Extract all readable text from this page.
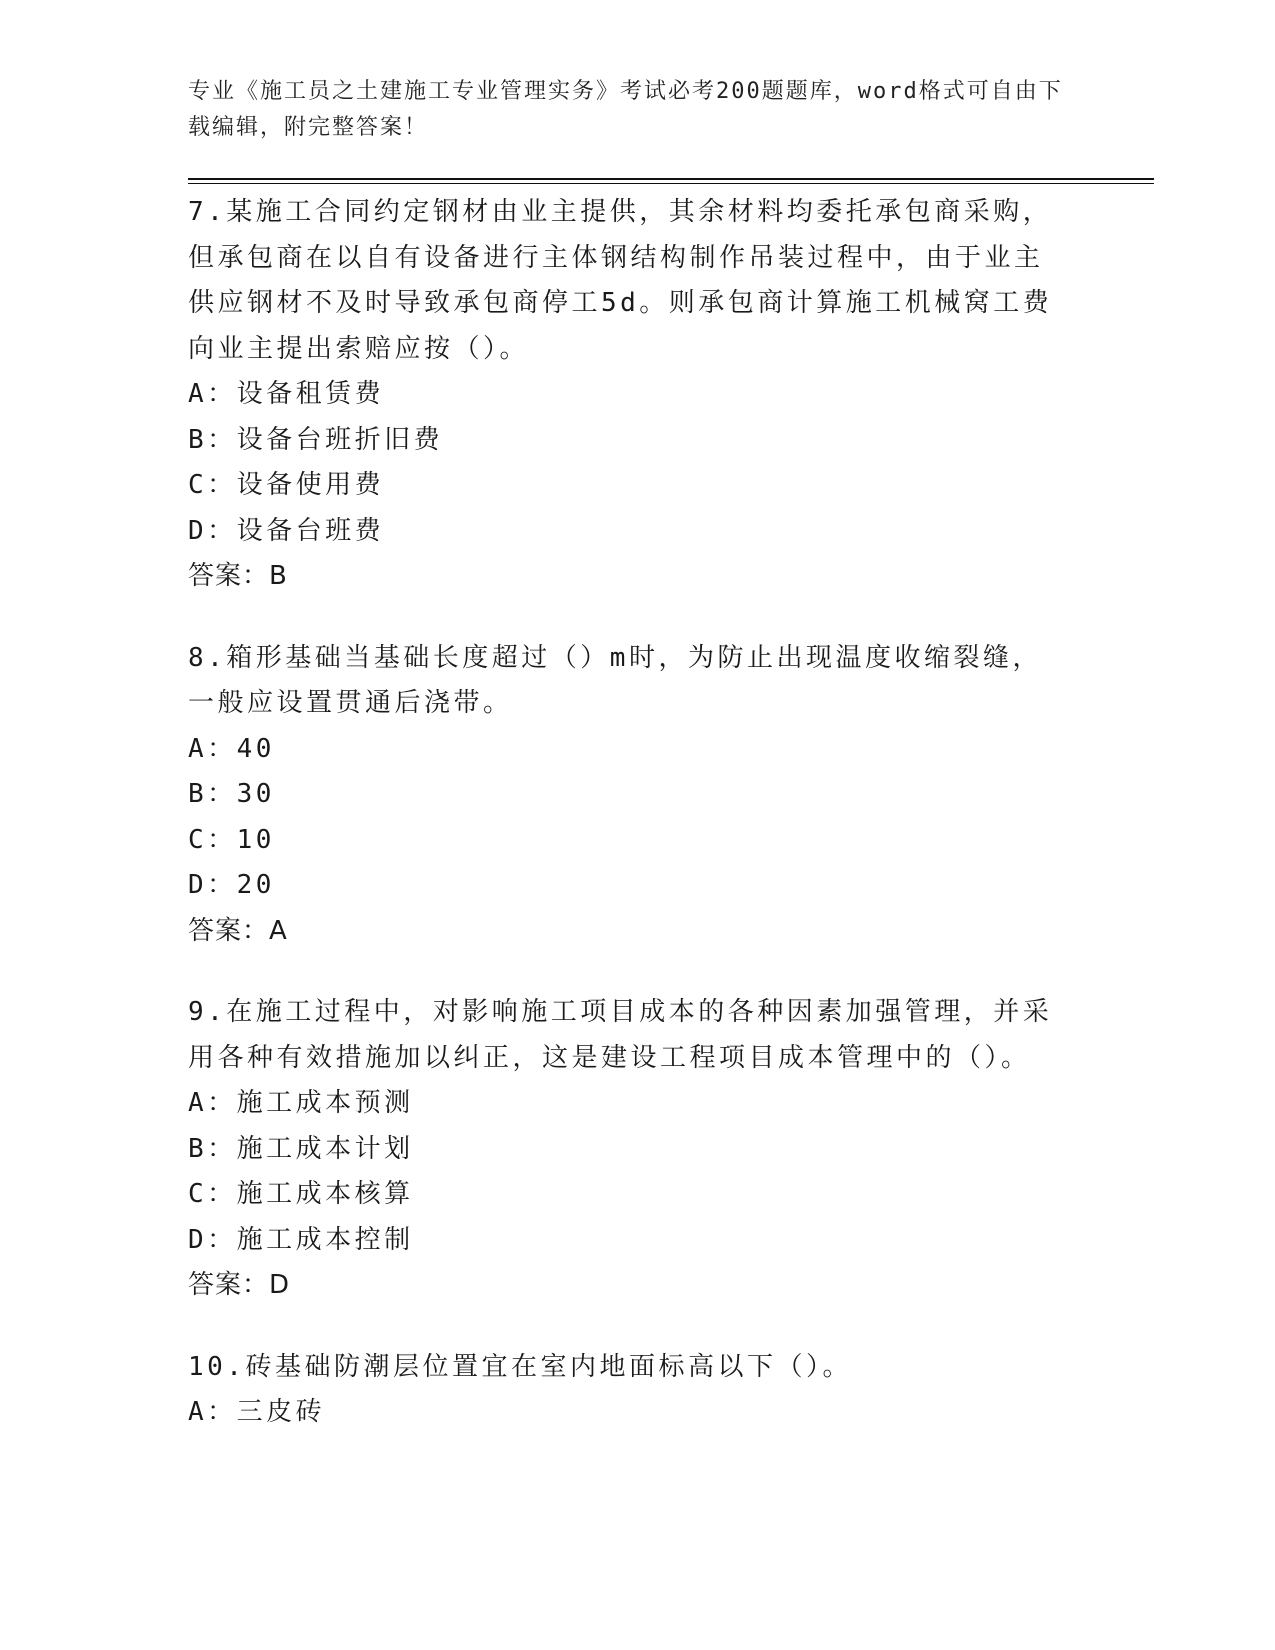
专业《施工员之土建施工专业管理实务》考试必考200题题库，word格式可自由下载编辑，附完整答案！
7.某施工合同约定钢材由业主提供，其余材料均委托承包商采购，但承包商在以自有设备进行主体钢结构制作吊装过程中，由于业主供应钢材不及时导致承包商停工5d。则承包商计算施工机械窝工费向业主提出索赔应按（）。
A：设备租赁费
B：设备台班折旧费
C：设备使用费
D：设备台班费
答案：B
8.箱形基础当基础长度超过（）m时，为防止出现温度收缩裂缝，一般应设置贯通后浇带。
A：40
B：30
C：10
D：20
答案：A
9.在施工过程中，对影响施工项目成本的各种因素加强管理，并采用各种有效措施加以纠正，这是建设工程项目成本管理中的（）。
A：施工成本预测
B：施工成本计划
C：施工成本核算
D：施工成本控制
答案：D
10.砖基础防潮层位置宜在室内地面标高以下（）。
A：三皮砖
